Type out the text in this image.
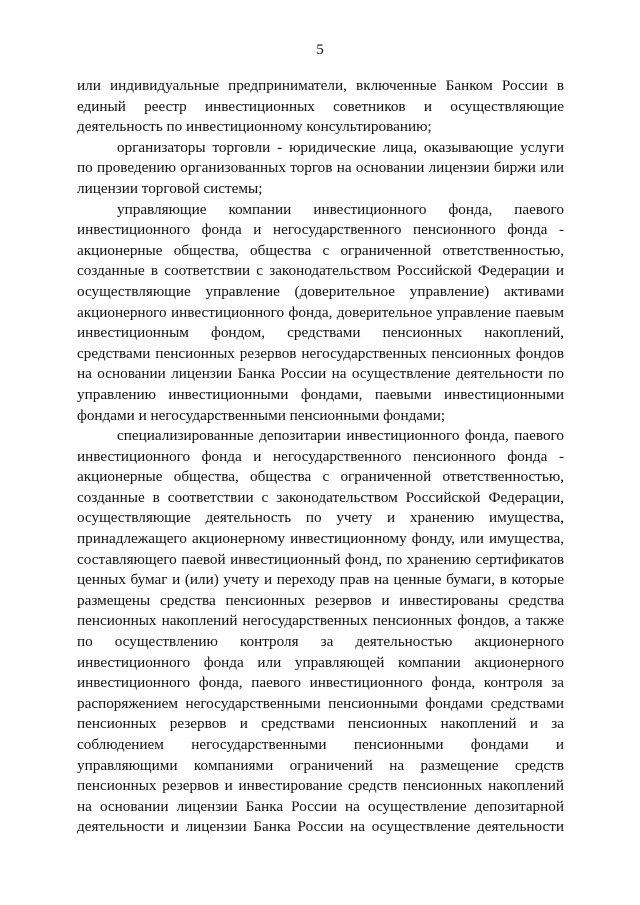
5

или индивидуальные предприниматели, включенные Банком России в единый реестр инвестиционных советников и осуществляющие деятельность по инвестиционному консультированию;

организаторы торговли - юридические лица, оказывающие услуги по проведению организованных торгов на основании лицензии биржи или лицензии торговой системы;

управляющие компании инвестиционного фонда, паевого инвестиционного фонда и негосударственного пенсионного фонда - акционерные общества, общества с ограниченной ответственностью, созданные в соответствии с законодательством Российской Федерации и осуществляющие управление (доверительное управление) активами акционерного инвестиционного фонда, доверительное управление паевым инвестиционным фондом, средствами пенсионных накоплений, средствами пенсионных резервов негосударственных пенсионных фондов на основании лицензии Банка России на осуществление деятельности по управлению инвестиционными фондами, паевыми инвестиционными фондами и негосударственными пенсионными фондами;

специализированные депозитарии инвестиционного фонда, паевого инвестиционного фонда и негосударственного пенсионного фонда - акционерные общества, общества с ограниченной ответственностью, созданные в соответствии с законодательством Российской Федерации, осуществляющие деятельность по учету и хранению имущества, принадлежащего акционерному инвестиционному фонду, или имущества, составляющего паевой инвестиционный фонд, по хранению сертификатов ценных бумаг и (или) учету и переходу прав на ценные бумаги, в которые размещены средства пенсионных резервов и инвестированы средства пенсионных накоплений негосударственных пенсионных фондов, а также по осуществлению контроля за деятельностью акционерного инвестиционного фонда или управляющей компании акционерного инвестиционного фонда, паевого инвестиционного фонда, контроля за распоряжением негосударственными пенсионными фондами средствами пенсионных резервов и средствами пенсионных накоплений и за соблюдением негосударственными пенсионными фондами и управляющими компаниями ограничений на размещение средств пенсионных резервов и инвестирование средств пенсионных накоплений на основании лицензии Банка России на осуществление депозитарной деятельности и лицензии Банка России на осуществление деятельности
